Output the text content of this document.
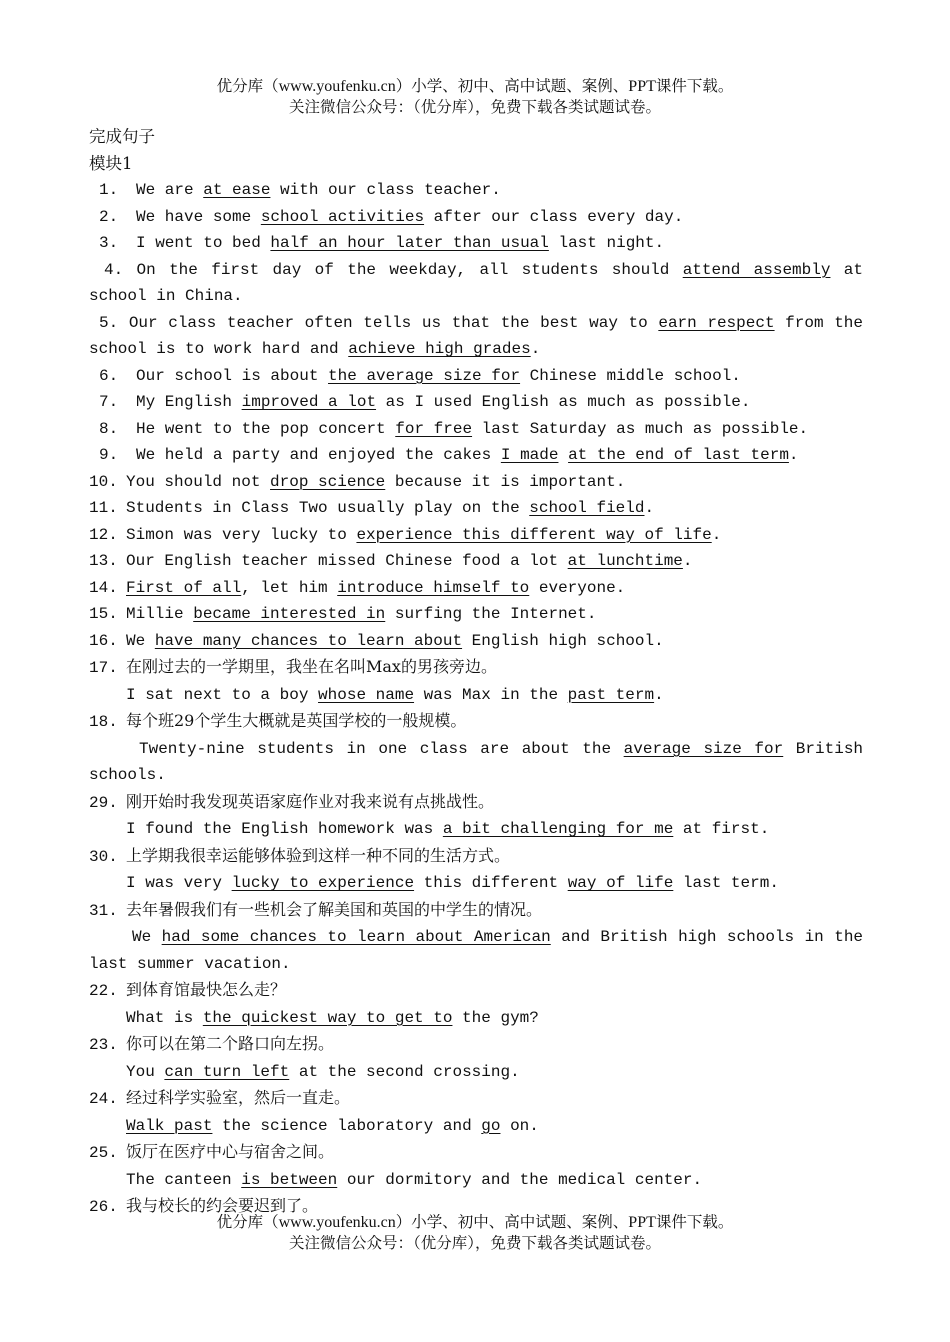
优分库（www.youfenku.cn）小学、初中、高中试题、案例、PPT课件下载。
关注微信公众号：（优分库），免费下载各类试题试卷。
完成句子
模块1
1. We are at ease with our class teacher.
2. We have some school activities after our class every day.
3. I went to bed half an hour later than usual last night.
4. On the first day of the weekday, all students should attend assembly at
school in China.
5. Our class teacher often tells us that the best way to earn respect from the
school is to work hard and achieve high grades.
6. Our school is about the average size for Chinese middle school.
7. My English improved a lot as I used English as much as possible.
8. He went to the pop concert for free last Saturday as much as possible.
9. We held a party and enjoyed the cakes I made at the end of last term.
10. You should not drop science because it is important.
11. Students in Class Two usually play on the school field.
12. Simon was very lucky to experience this different way of life.
13. Our English teacher missed Chinese food a lot at lunchtime.
14. First of all, let him introduce himself to everyone.
15. Millie became interested in surfing the Internet.
16. We have many chances to learn about English high school.
17. 在刚过去的一学期里，我坐在名叫Max的男孩旁边。
I sat next to a boy whose name was Max in the past term.
18. 每个班29个学生大概就是英国学校的一般规模。
Twenty-nine students in one class are about the average size for British
schools.
29. 刚开始时我发现英语家庭作业对我来说有点挑战性。
I found the English homework was a bit challenging for me at first.
30. 上学期我很幸运能够体验到这样一种不同的生活方式。
I was very lucky to experience this different way of life last term.
31. 去年暑假我们有一些机会了解美国和英国的中学生的情况。
We had some chances to learn about American and British high schools in the
last summer vacation.
22. 到体育馆最快怎么走？
What is the quickest way to get to the gym?
23. 你可以在第二个路口向左拐。
You can turn left at the second crossing.
24. 经过科学实验室，然后一直走。
Walk past the science laboratory and go on.
25. 饭厅在医疗中心与宿舍之间。
The canteen is between our dormitory and the medical center.
26. 我与校长的约会要迟到了。
优分库（www.youfenku.cn）小学、初中、高中试题、案例、PPT课件下载。
关注微信公众号：（优分库），免费下载各类试题试卷。
